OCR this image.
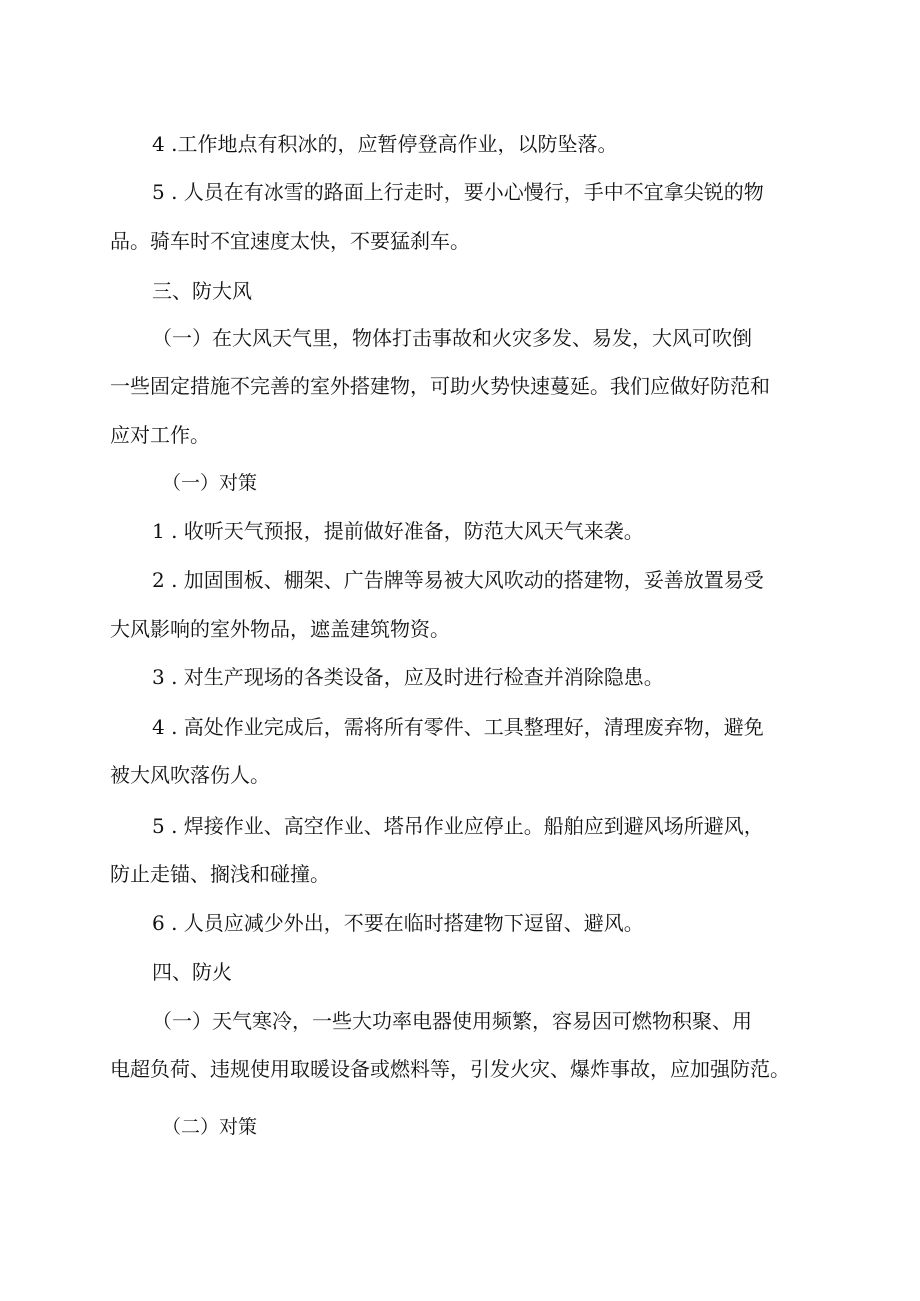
4 .工作地点有积冰的，应暂停登高作业，以防坠落。
5 . 人员在有冰雪的路面上行走时，要小心慢行，手中不宜拿尖锐的物
品。骑车时不宜速度太快，不要猛刹车。
三、防大风
（一）在大风天气里，物体打击事故和火灾多发、易发，大风可吹倒
一些固定措施不完善的室外搭建物，可助火势快速蔓延。我们应做好防范和
应对工作。
（一）对策
1 . 收听天气预报，提前做好准备，防范大风天气来袭。
2 . 加固围板、棚架、广告牌等易被大风吹动的搭建物，妥善放置易受
大风影响的室外物品，遮盖建筑物资。
3 . 对生产现场的各类设备，应及时进行检查并消除隐患。
4 . 高处作业完成后，需将所有零件、工具整理好，清理废弃物，避免
被大风吹落伤人。
5 . 焊接作业、高空作业、塔吊作业应停止。船舶应到避风场所避风，
防止走锚、搁浅和碰撞。
6 . 人员应减少外出，不要在临时搭建物下逗留、避风。
四、防火
（一）天气寒冷，一些大功率电器使用频繁，容易因可燃物积聚、用
电超负荷、违规使用取暖设备或燃料等，引发火灾、爆炸事故，应加强防范。
（二）对策
